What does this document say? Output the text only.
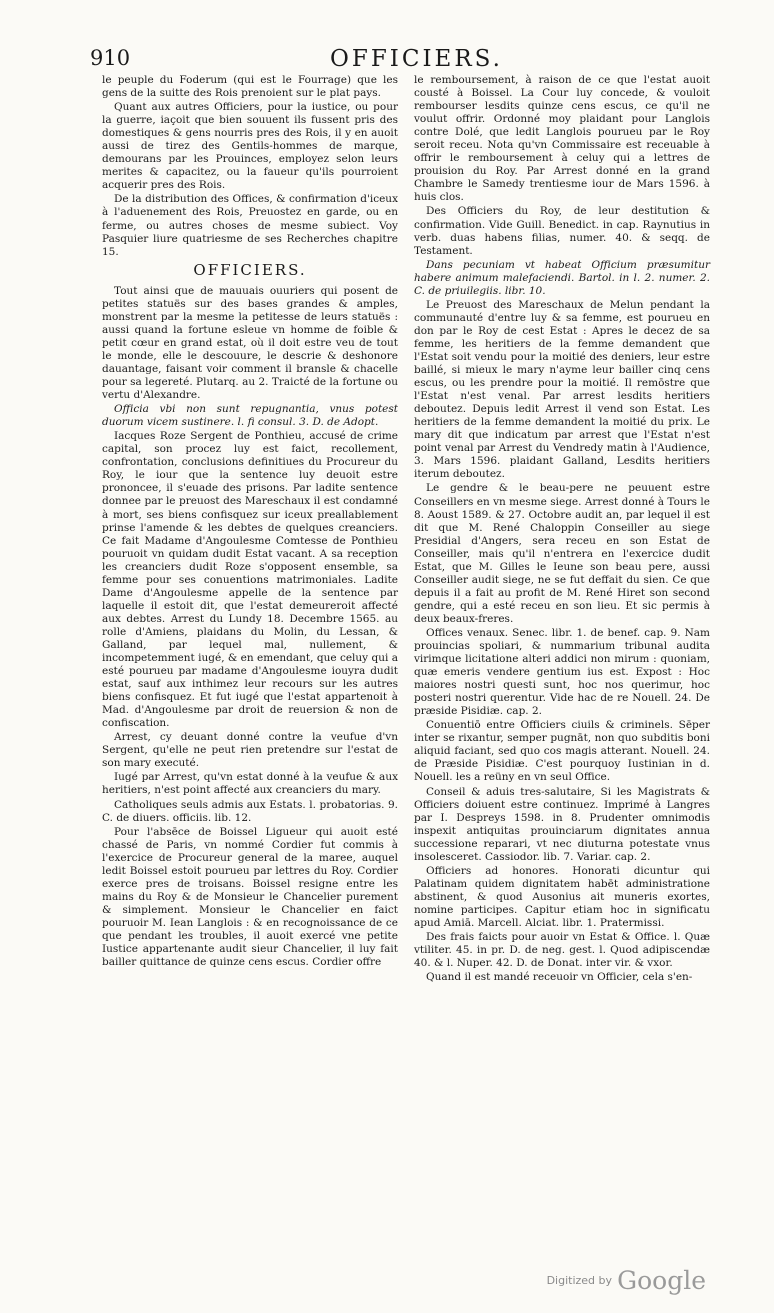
910	OFFICIERS.

le peuple du Foderum (qui est le Fourrage) que les gens de la suitte des Rois prenoient sur le plat pays.

Quant aux autres Officiers, pour la iustice, ou pour la guerre, iaçoit que bien souuent ils fussent pris des domestiques & gens nourris pres des Rois, il y en auoit aussi de tirez des Gentils-hommes de marque, demourans par les Prouinces, employez selon leurs merites & capacitez, ou la faueur qu'ils pourroient acquerir pres des Rois.

De la distribution des Offices, & confirmation d'iceux à l'aduenement des Rois, Preuostez en garde, ou en ferme, ou autres choses de mesme subiect. Voy Pasquier liure quatriesme de ses Recherches chapitre 15.

OFFICIERS.

Tout ainsi que de mauuais ouuriers qui posent de petites statuës sur des bases grandes & amples, monstrent par la mesme la petitesse de leurs statuës : aussi quand la fortune esleue vn homme de foible & petit cœur en grand estat, où il doit estre veu de tout le monde, elle le descouure, le descrie & deshonore dauantage, faisant voir comment il bransle & chacelle pour sa legereté. Plutarq. au 2. Traicté de la fortune ou vertu d'Alexandre.

Officia vbi non sunt repugnantia, vnus potest duorum vicem sustinere. l. fi consul. 3. D. de Adopt.

Iacques Roze Sergent de Ponthieu, accusé de crime capital, son procez luy est faict, recollement, confrontation, conclusions definitiues du Procureur du Roy, le iour que la sentence luy deuoit estre prononcee, il s'euade des prisons. Par ladite sentence donnee par le preuost des Mareschaux il est condamné à mort, ses biens confisquez sur iceux preallablement prinse l'amende & les debtes de quelques creanciers. Ce fait Madame d'Angoulesme Comtesse de Ponthieu pouruoit vn quidam dudit Estat vacant. A sa reception les creanciers dudit Roze s'opposent ensemble, sa femme pour ses conuentions matrimoniales. Ladite Dame d'Angoulesme appelle de la sentence par laquelle il estoit dit, que l'estat demeureroit affecté aux debtes. Arrest du Lundy 18. Decembre 1565. au rolle d'Amiens, plaidans du Molin, du Lessan, & Galland, par lequel mal, nullement, & incompetemment iugé, & en emendant, que celuy qui a esté pourueu par madame d'Angoulesme iouyra dudit estat, sauf aux inthimez leur recours sur les autres biens confisquez. Et fut iugé que l'estat appartenoit à Mad. d'Angoulesme par droit de reuersion & non de confiscation.

Arrest, cy deuant donné contre la veufue d'vn Sergent, qu'elle ne peut rien pretendre sur l'estat de son mary executé.

Iugé par Arrest, qu'vn estat donné à la veufue & aux heritiers, n'est point affecté aux creanciers du mary.

Catholiques seuls admis aux Estats. l. probatorias. 9. C. de diuers. officiis. lib. 12.

Pour l'absēce de Boissel Ligueur qui auoit esté chassé de Paris, vn nommé Cordier fut commis à l'exercice de Procureur general de la maree, auquel ledit Boissel estoit pourueu par lettres du Roy. Cordier exerce pres de troisans. Boissel resigne entre les mains du Roy & de Monsieur le Chancelier purement & simplement. Monsieur le Chancelier en faict pouruoir M. Iean Langlois : & en recognoissance de ce que pendant les troubles, il auoit exercé vne petite Iustice appartenante audit sieur Chancelier, il luy fait bailler quittance de quinze cens escus. Cordier offre

le remboursement, à raison de ce que l'estat auoit cousté à Boissel. La Cour luy concede, & vouloit rembourser lesdits quinze cens escus, ce qu'il ne voulut offrir. Ordonné moy plaidant pour Langlois contre Dolé, que ledit Langlois pourueu par le Roy seroit receu. Nota qu'vn Commissaire est receuable à offrir le remboursement à celuy qui a lettres de prouision du Roy. Par Arrest donné en la grand Chambre le Samedy trentiesme iour de Mars 1596. à huis clos.

Des Officiers du Roy, de leur destitution & confirmation. Vide Guill. Benedict. in cap. Raynutius in verb. duas habens filias, numer. 40. & seqq. de Testament.

Dans pecuniam vt habeat Officium præsumitur habere animum malefaciendi. Bartol. in l. 2. numer. 2. C. de priuilegiis. libr. 10.

Le Preuost des Mareschaux de Melun pendant la communauté d'entre luy & sa femme, est pourueu en don par le Roy de cest Estat : Apres le decez de sa femme, les heritiers de la femme demandent que l'Estat soit vendu pour la moitié des deniers, leur estre baillé, si mieux le mary n'ayme leur bailler cinq cens escus, ou les prendre pour la moitié. Il remōstre que l'Estat n'est venal. Par arrest lesdits heritiers deboutez. Depuis ledit Arrest il vend son Estat. Les heritiers de la femme demandent la moitié du prix. Le mary dit que indicatum par arrest que l'Estat n'est point venal par Arrest du Vendredy matin à l'Audience, 3. Mars 1596. plaidant Galland, Lesdits heritiers iterum deboutez.

Le gendre & le beau-pere ne peuuent estre Conseillers en vn mesme siege. Arrest donné à Tours le 8. Aoust 1589. & 27. Octobre audit an, par lequel il est dit que M. René Chaloppin Conseiller au siege Presidial d'Angers, sera receu en son Estat de Conseiller, mais qu'il n'entrera en l'exercice dudit Estat, que M. Gilles le Ieune son beau pere, aussi Conseiller audit siege, ne se fut deffait du sien. Ce que depuis il a fait au profit de M. René Hiret son second gendre, qui a esté receu en son lieu. Et sic permis à deux beaux-freres.

Offices venaux. Senec. libr. 1. de benef. cap. 9. Nam prouincias spoliari, & nummarium tribunal audita virimque licitatione alteri addici non mirum : quoniam, quæ emeris vendere gentium ius est. Expost : Hoc maiores nostri questi sunt, hoc nos querimur, hoc posteri nostri querentur. Vide hac de re Nouell. 24. De præside Pisidiæ. cap. 2.

Conuentiō entre Officiers ciuils & criminels. Sēper inter se rixantur, semper pugnāt, non quo subditis boni aliquid faciant, sed quo cos magis atterant. Nouell. 24. de Præside Pisidiæ. C'est pourquoy Iustinian in d. Nouell. les a reüny en vn seul Office.

Conseil & aduis tres-salutaire, Si les Magistrats & Officiers doiuent estre continuez. Imprimé à Langres par I. Despreys 1598. in 8. Prudenter omnimodis inspexit antiquitas prouinciarum dignitates annua successione reparari, vt nec diuturna potestate vnus insolesceret. Cassiodor. lib. 7. Variar. cap. 2.

Officiers ad honores. Honorati dicuntur qui Palatinam quidem dignitatem habēt administratione abstinent, & quod Ausonius ait muneris exortes, nomine participes. Capitur etiam hoc in significatu apud Amiā. Marcell. Alciat. libr. 1. Pratermissi.

Des frais faicts pour auoir vn Estat & Office. l. Quæ vtiliter. 45. in pr. D. de neg. gest. l. Quod adipiscendæ 40. & l. Nuper. 42. D. de Donat. inter vir. & vxor.

Quand il est mandé receuoir vn Officier, cela s'en-

Digitized by Google
